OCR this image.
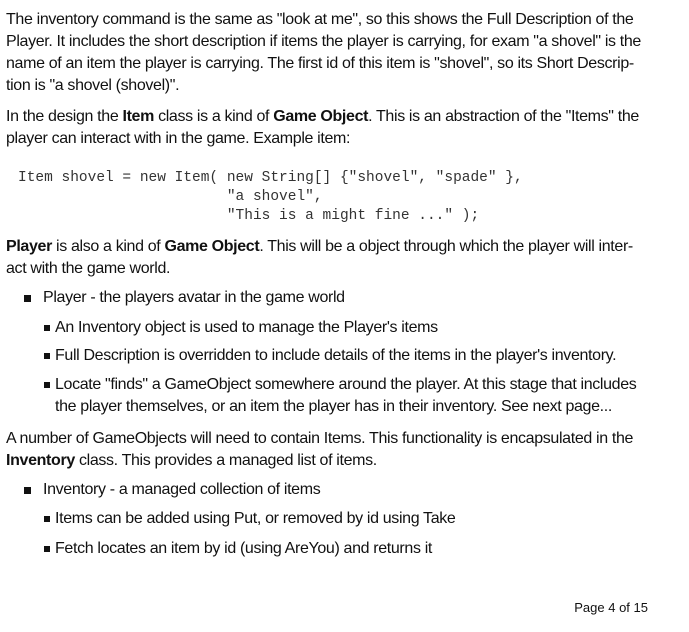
The inventory command is the same as "look at me", so this shows the Full Description of the
Player. It includes the short description if items the player is carrying, for exam "a shovel" is the
name of an item the player is carrying. The first id of this item is "shovel", so its Short Descrip-
tion is "a shovel (shovel)".

In the design the Item class is a kind of Game Object. This is an abstraction of the "Items" the
player can interact with in the game. Example item:

Item shovel = new Item( new String[] {"shovel", "spade" },
"a shovel",
"This is a might fine ..." );

Player is also a kind of Game Object. This will be a object through which the player will inter-
act with the game world.

Player - the players avatar in the game world
An Inventory object is used to manage the Player's items
Full Description is overridden to include details of the items in the player's inventory.
Locate "finds" a GameObject somewhere around the player. At this stage that includes
the player themselves, or an item the player has in their inventory. See next page...

A number of GameObjects will need to contain Items. This functionality is encapsulated in the
Inventory class. This provides a managed list of items.

Inventory - a managed collection of items
Items can be added using Put, or removed by id using Take
Fetch locates an item by id (using AreYou) and returns it
Page 4 of 15
